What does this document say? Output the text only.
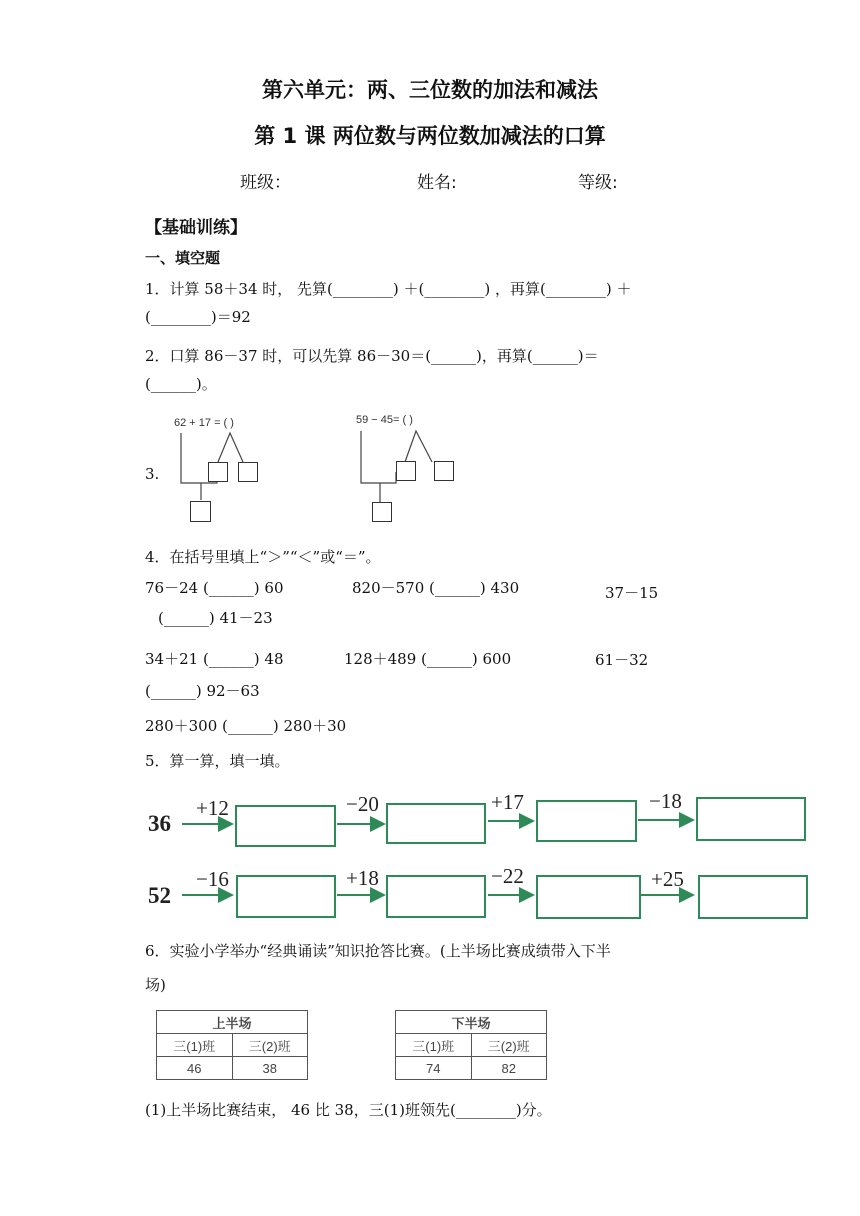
第六单元：两、三位数的加法和减法
第 1 课 两位数与两位数加减法的口算
班级：	姓名:	等级:
【基础训练】
一、填空题
1．计算 58＋34 时， 先算(________) ＋(________) ，再算(________) ＋
(________)＝92
2．口算 86－37 时，可以先算 86－30＝(______)，再算(______)＝
(______)。
3.
62 + 17 = ( )	59 − 45= ( )
4．在括号里填上“＞”“＜”或“＝”。
76－24 (______) 60	820－570 (______) 430	37－15
(______) 41－23
34＋21 (______) 48	128＋489 (______) 600	61－32
(______) 92－63
280＋300 (______) 280＋30
5．算一算，填一填。
36
+12	−20	+17	−18
52
−16	+18	−22	+25
6．实验小学举办“经典诵读”知识抢答比赛。(上半场比赛成绩带入下半
场)
上半场	
三(1)班	三(2)班
46	38
下半场	
三(1)班	三(2)班
74	82
(1)上半场比赛结束， 46 比 38，三(1)班领先(________)分。
